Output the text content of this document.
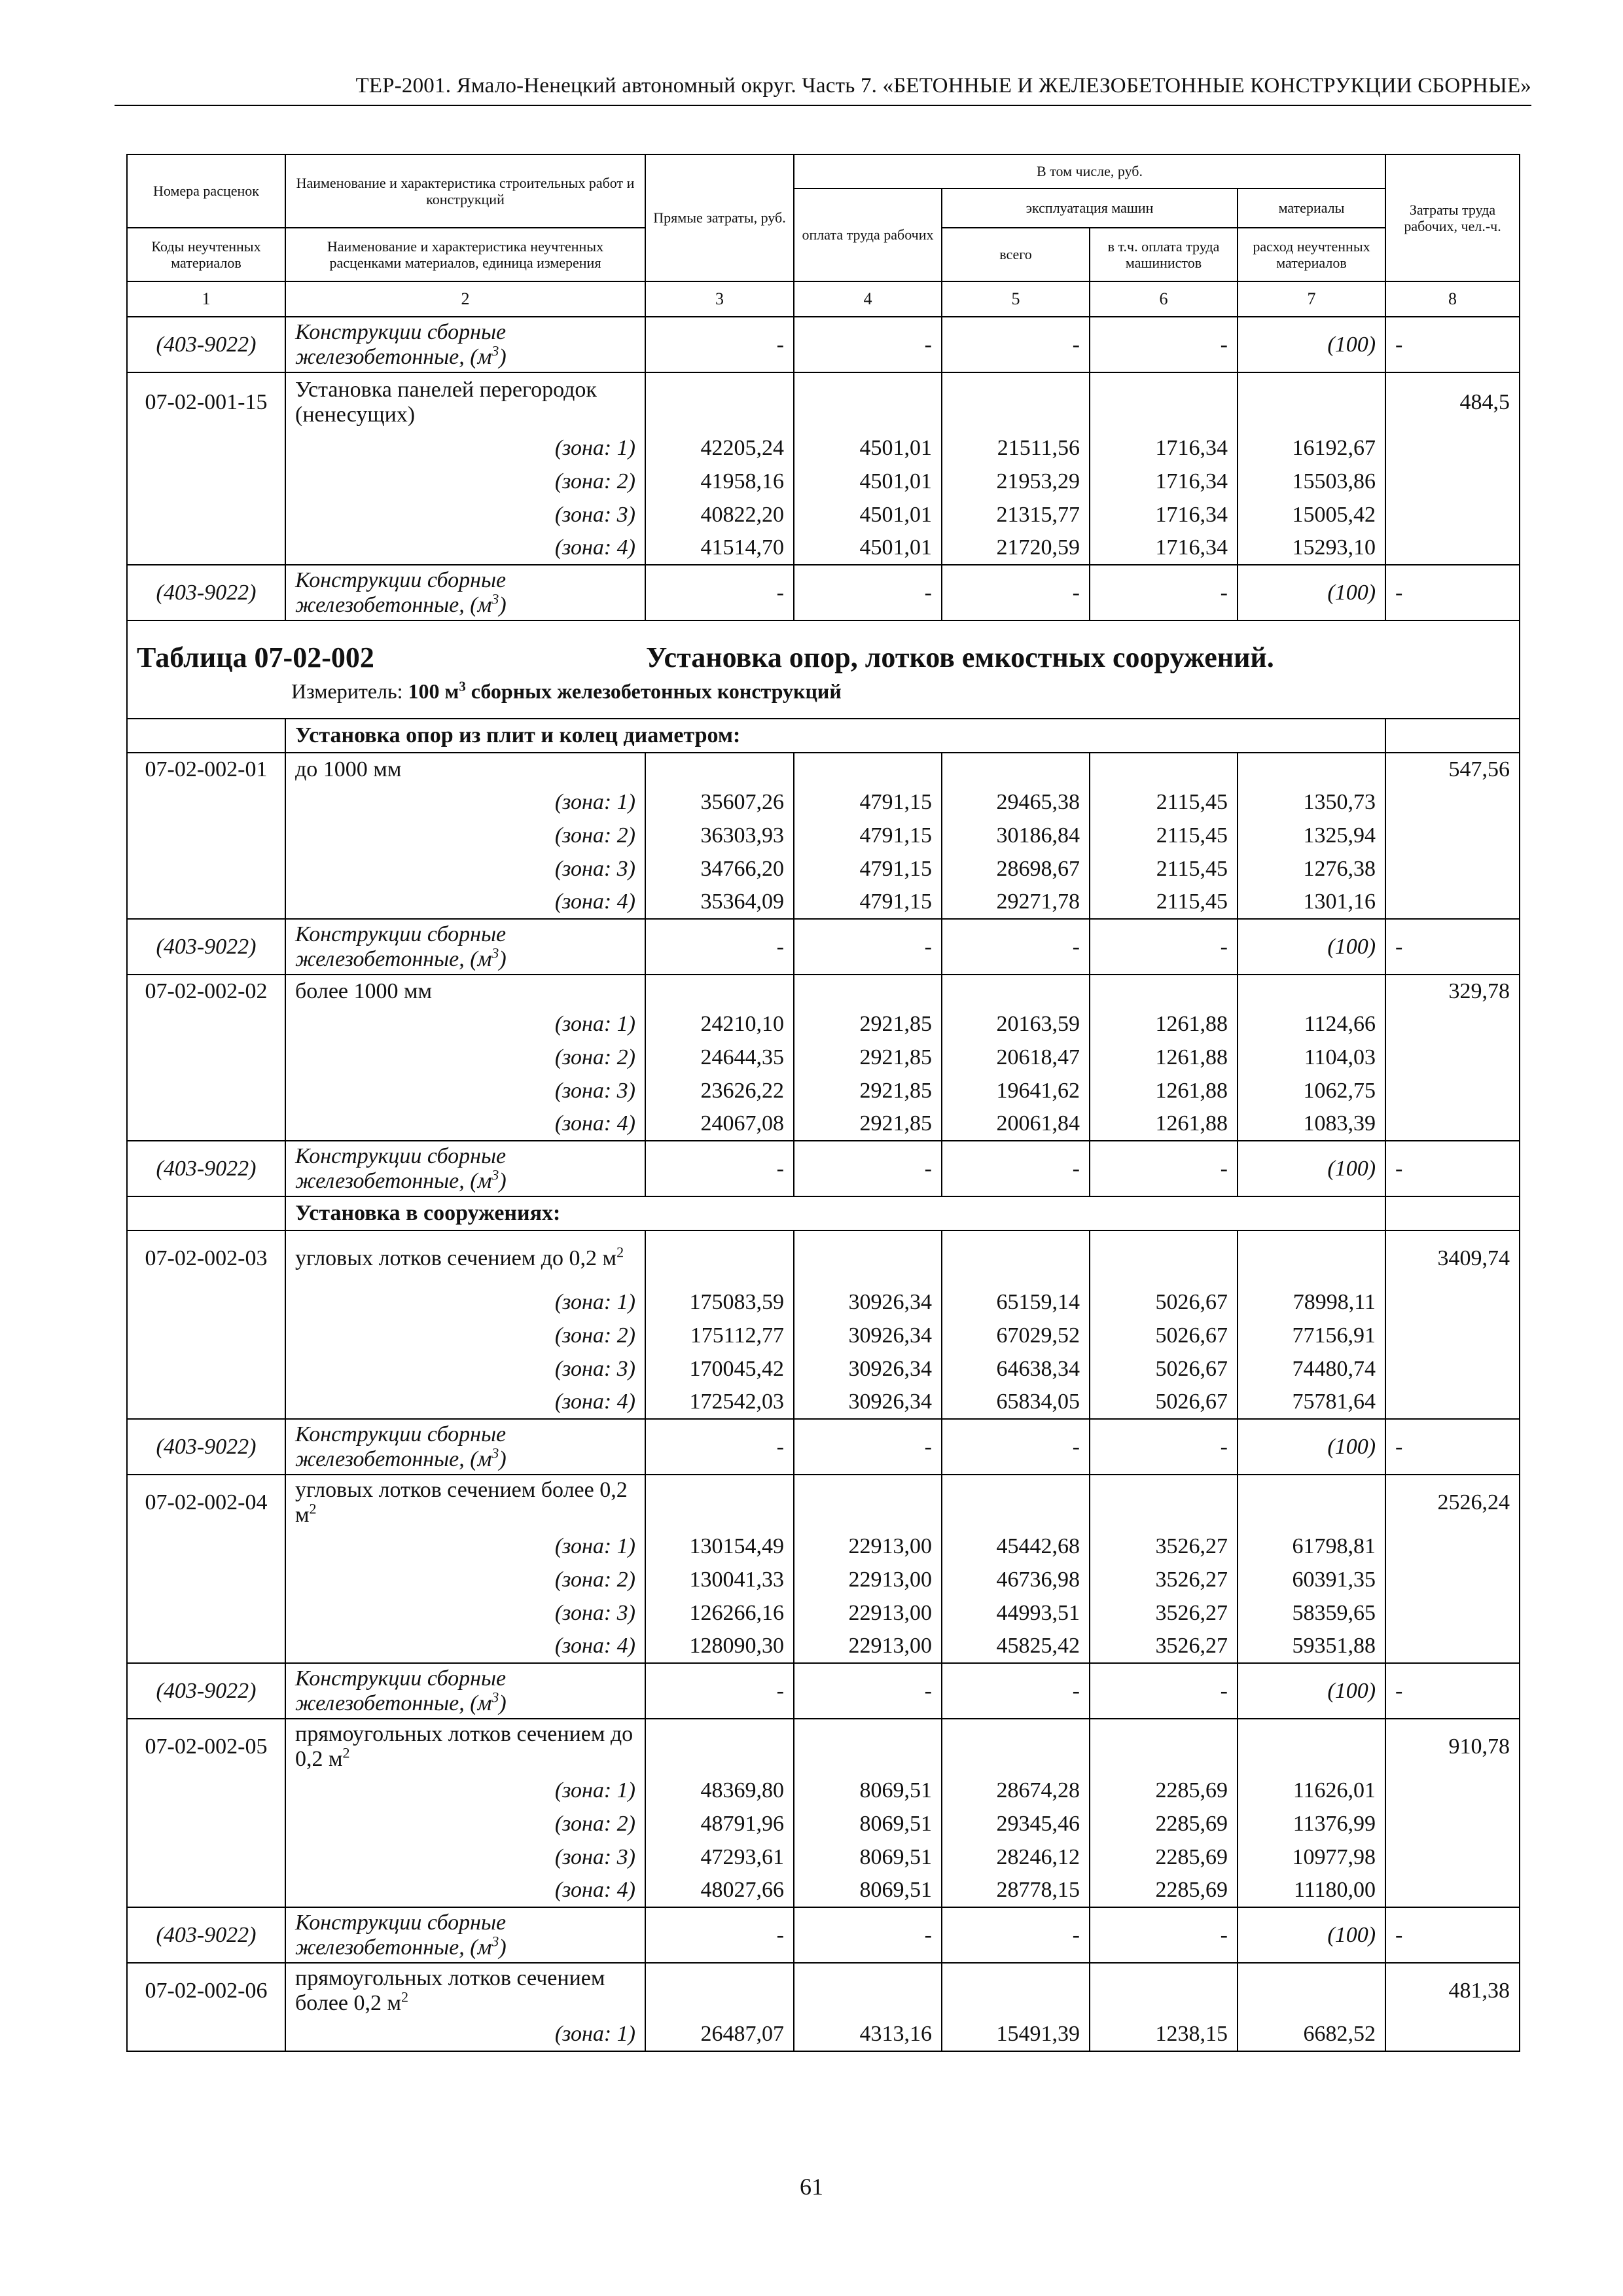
ТЕР-2001. Ямало-Ненецкий автономный округ. Часть 7. «БЕТОННЫЕ И ЖЕЛЕЗОБЕТОННЫЕ КОНСТРУКЦИИ СБОРНЫЕ»
Номера расценок	Наименование и характеристика строительных работ и конструкций	Прямые затраты, руб.	В том числе, руб.				Затраты труда рабочих, чел.-ч.
			оплата труда рабочих	эксплуатация машин		материалы	
Коды неучтенных материалов	Наименование и характеристика неучтенных расценками материалов, единица измерения			всего	в т.ч. оплата труда машинистов	расход неучтенных материалов	
1	2	3	4	5	6	7	8
(403-9022)	Конструкции сборные железобетонные, $(м^3)$	-	-	-	-	(100)	-
07-02-001-15	Установка панелей перегородок (ненесущих)						484,5
	(зона: 1)	42205,24	4501,01	21511,56	1716,34	16192,67	
	(зона: 2)	41958,16	4501,01	21953,29	1716,34	15503,86	
	(зона: 3)	40822,20	4501,01	21315,77	1716,34	15005,42	
	(зона: 4)	41514,70	4501,01	21720,59	1716,34	15293,10	
(403-9022)	Конструкции сборные железобетонные, $(м^3)$	-	-	-	-	(100)	-

Таблица 07-02-002 Установка опор, лотков емкостных сооружений.
Измеритель: 100 $м^3$ сборных железобетонных конструкций							

	Установка опор из плит и колец диаметром:						
07-02-002-01	до 1000 мм						547,56
	(зона: 1)	35607,26	4791,15	29465,38	2115,45	1350,73	
	(зона: 2)	36303,93	4791,15	30186,84	2115,45	1325,94	
	(зона: 3)	34766,20	4791,15	28698,67	2115,45	1276,38	
	(зона: 4)	35364,09	4791,15	29271,78	2115,45	1301,16	
(403-9022)	Конструкции сборные железобетонные, $(м^3)$	-	-	-	-	(100)	-
07-02-002-02	более 1000 мм						329,78
	(зона: 1)	24210,10	2921,85	20163,59	1261,88	1124,66	
	(зона: 2)	24644,35	2921,85	20618,47	1261,88	1104,03	
	(зона: 3)	23626,22	2921,85	19641,62	1261,88	1062,75	
	(зона: 4)	24067,08	2921,85	20061,84	1261,88	1083,39	
(403-9022)	Конструкции сборные железобетонные, $(м^3)$	-	-	-	-	(100)	-
	Установка в сооружениях:						
07-02-002-03	угловых лотков сечением до 0,2 $м^2$						3409,74
	(зона: 1)	175083,59	30926,34	65159,14	5026,67	78998,11	
	(зона: 2)	175112,77	30926,34	67029,52	5026,67	77156,91	
	(зона: 3)	170045,42	30926,34	64638,34	5026,67	74480,74	
	(зона: 4)	172542,03	30926,34	65834,05	5026,67	75781,64	
(403-9022)	Конструкции сборные железобетонные, $(м^3)$	-	-	-	-	(100)	-
07-02-002-04	угловых лотков сечением более 0,2 $м^2$						2526,24
	(зона: 1)	130154,49	22913,00	45442,68	3526,27	61798,81	
	(зона: 2)	130041,33	22913,00	46736,98	3526,27	60391,35	
	(зона: 3)	126266,16	22913,00	44993,51	3526,27	58359,65	
	(зона: 4)	128090,30	22913,00	45825,42	3526,27	59351,88	
(403-9022)	Конструкции сборные железобетонные, $(м^3)$	-	-	-	-	(100)	-
07-02-002-05	прямоугольных лотков сечением до 0,2 $м^2$						910,78
	(зона: 1)	48369,80	8069,51	28674,28	2285,69	11626,01	
	(зона: 2)	48791,96	8069,51	29345,46	2285,69	11376,99	
	(зона: 3)	47293,61	8069,51	28246,12	2285,69	10977,98	
	(зона: 4)	48027,66	8069,51	28778,15	2285,69	11180,00	
(403-9022)	Конструкции сборные железобетонные, $(м^3)$	-	-	-	-	(100)	-
07-02-002-06	прямоугольных лотков сечением более 0,2 $м^2$						481,38
	(зона: 1)	26487,07	4313,16	15491,39	1238,15	6682,52	
61
